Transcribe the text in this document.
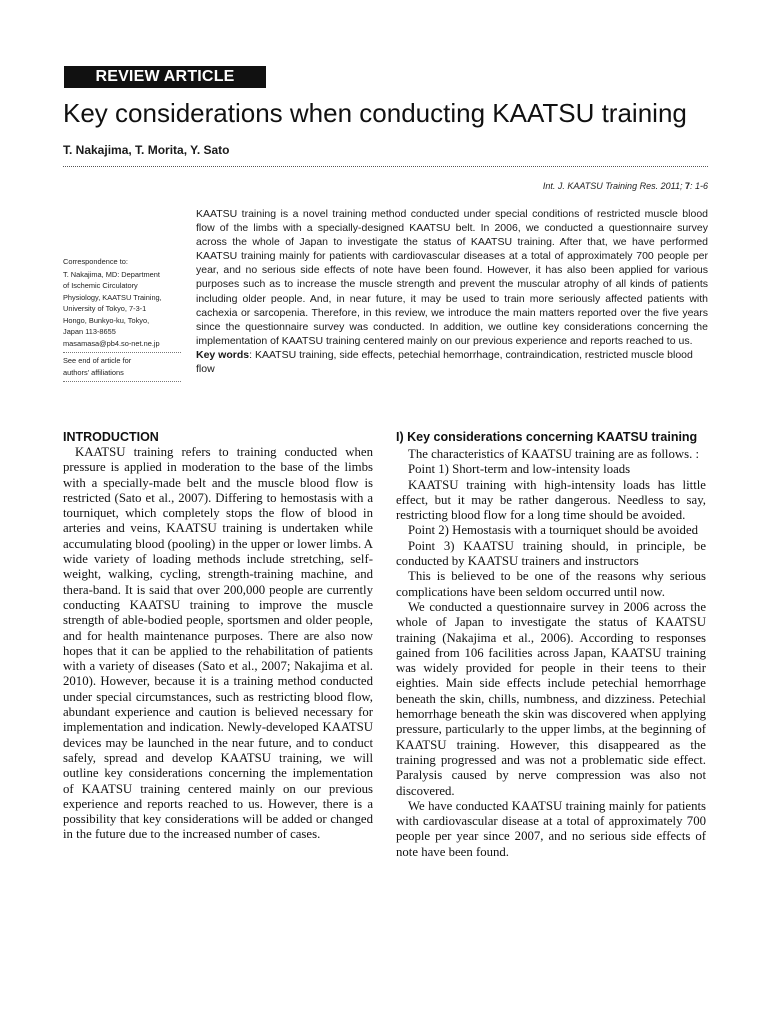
REVIEW ARTICLE
Key considerations when conducting KAATSU training
T. Nakajima, T. Morita, Y. Sato
Int. J. KAATSU Training Res. 2011; 7: 1-6
Correspondence to:
T. Nakajima, MD: Department
of Ischemic Circulatory
Physiology, KAATSU Training,
University of Tokyo, 7-3-1
Hongo, Bunkyo-ku, Tokyo,
Japan 113-8655
masamasa@pb4.so-net.ne.jp
See end of article for
authors' affiliations

KAATSU training is a novel training method conducted under special conditions of restricted muscle blood flow of the limbs with a specially-designed KAATSU belt. In 2006, we conducted a questionnaire survey across the whole of Japan to investigate the status of KAATSU training. After that, we have performed KAATSU training mainly for patients with cardiovascular diseases at a total of approximately 700 people per year, and no serious side effects of note have been found. However, it has also been applied for various purposes such as to increase the muscle strength and prevent the muscular atrophy of all kinds of patients including older people. And, in near future, it may be used to train more seriously affected patients with cachexia or sarcopenia. Therefore, in this review, we introduce the main matters reported over the five years since the questionnaire survey was conducted. In addition, we outline key considerations concerning the implementation of KAATSU training centered mainly on our previous experience and reports reached to us.

Key words: KAATSU training, side effects, petechial hemorrhage, contraindication, restricted muscle blood flow

INTRODUCTION

KAATSU training refers to training conducted when pressure is applied in moderation to the base of the limbs with a specially-made belt and the muscle blood flow is restricted (Sato et al., 2007). Differing to hemostasis with a tourniquet, which completely stops the flow of blood in arteries and veins, KAATSU training is undertaken while accumulating blood (pooling) in the upper or lower limbs. A wide variety of loading methods include stretching, self-weight, walking, cycling, strength-training machine, and thera-band. It is said that over 200,000 people are currently conducting KAATSU training to improve the muscle strength of able-bodied people, sportsmen and older people, and for health maintenance purposes. There are also now hopes that it can be applied to the rehabilitation of patients with a variety of diseases (Sato et al., 2007; Nakajima et al. 2010). However, because it is a training method conducted under special circumstances, such as restricting blood flow, abundant experience and caution is believed necessary for implementation and indication. Newly-developed KAATSU devices may be launched in the near future, and to conduct safely, spread and develop KAATSU training, we will outline key considerations concerning the implementation of KAATSU training centered mainly on our previous experience and reports reached to us. However, there is a possibility that key considerations will be added or changed in the future due to the increased number of cases.

I) Key considerations concerning KAATSU training

The characteristics of KAATSU training are as follows. :

Point 1) Short-term and low-intensity loads

KAATSU training with high-intensity loads has little effect, but it may be rather dangerous. Needless to say, restricting blood flow for a long time should be avoided.

Point 2) Hemostasis with a tourniquet should be avoided

Point 3) KAATSU training should, in principle, be conducted by KAATSU trainers and instructors

This is believed to be one of the reasons why serious complications have been seldom occurred until now.

We conducted a questionnaire survey in 2006 across the whole of Japan to investigate the status of KAATSU training (Nakajima et al., 2006). According to responses gained from 106 facilities across Japan, KAATSU training was widely provided for people in their teens to their eighties. Main side effects include petechial hemorrhage beneath the skin, chills, numbness, and dizziness. Petechial hemorrhage beneath the skin was discovered when applying pressure, particularly to the upper limbs, at the beginning of KAATSU training. However, this disappeared as the training progressed and was not a problematic side effect. Paralysis caused by nerve compression was also not discovered.

We have conducted KAATSU training mainly for patients with cardiovascular disease at a total of approximately 700 people per year since 2007, and no serious side effects of note have been found.
